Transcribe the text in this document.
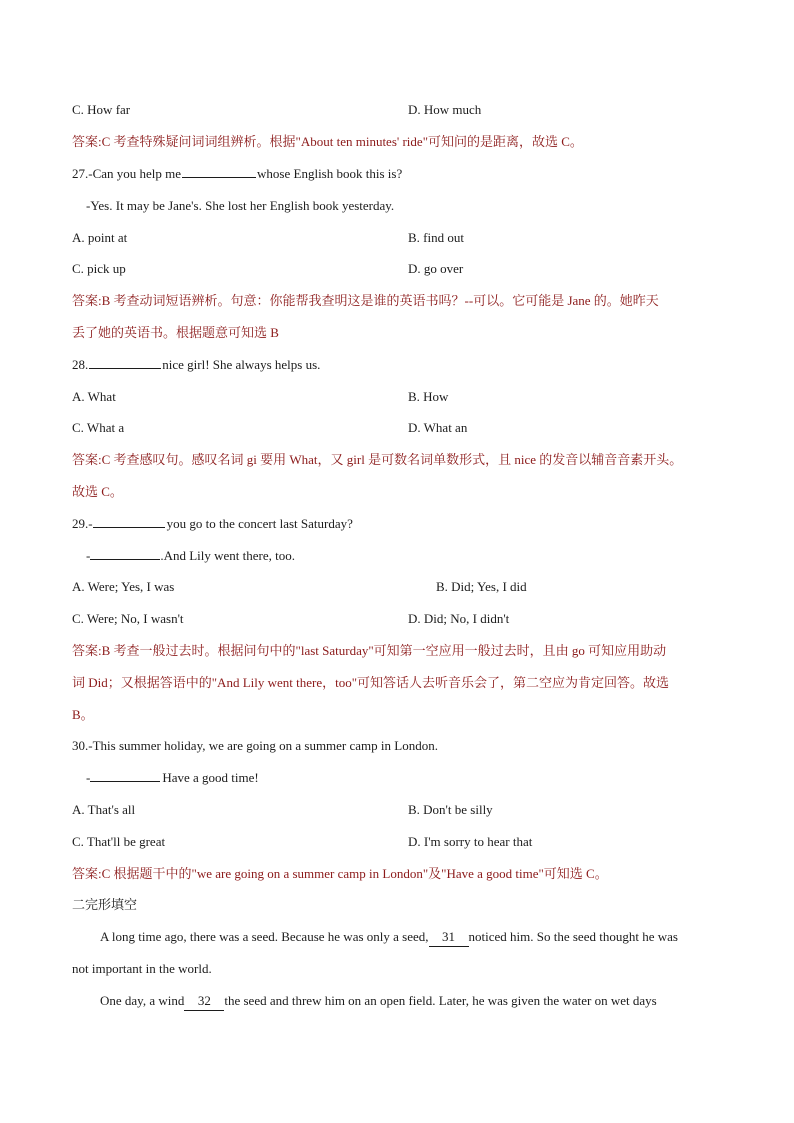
C. How far	D. How much
答案:C 考查特殊疑问词词组辨析。根据"About ten minutes' ride"可知问的是距离，故选 C。
27.-Can you help me	whose English book this is?
-Yes. It may be Jane's. She lost her English book yesterday.
A. point at	B. find out
C. pick up	D. go over
答案:B 考查动词短语辨析。句意：你能帮我查明这是谁的英语书吗？--可以。它可能是 Jane 的。她昨天
丢了她的英语书。根据题意可知选 B
28.	nice girl! She always helps us.
A. What	B. How
C. What a	D. What an
答案:C 考查感叹句。感叹名词 gi 要用 What，又 girl 是可数名词单数形式，且 nice 的发音以辅音音素开头。
故选 C。
29.-	you go to the concert last Saturday?
-	.And Lily went there, too.
A. Were; Yes, I was	B. Did; Yes, I did
C. Were; No, I wasn't	D. Did; No, I didn't
答案:B 考查一般过去时。根据问句中的"last Saturday"可知第一空应用一般过去时，且由 go 可知应用助动
词 Did；又根据答语中的"And Lily went there，too"可知答话人去听音乐会了，第二空应为肯定回答。故选
B。
30.-This summer holiday, we are going on a summer camp in London.
-	Have a good time!
A. That's all	B. Don't be silly
C. That'll be great	D. I'm sorry to hear that
答案:C 根据题干中的"we are going on a summer camp in London"及"Have a good time"可知选 C。
二完形填空
A long time ago, there was a seed. Because he was only a seed, 31 noticed him. So the seed thought he was
not important in the world.
One day, a wind 32 the seed and threw him on an open field. Later, he was given the water on wet days
